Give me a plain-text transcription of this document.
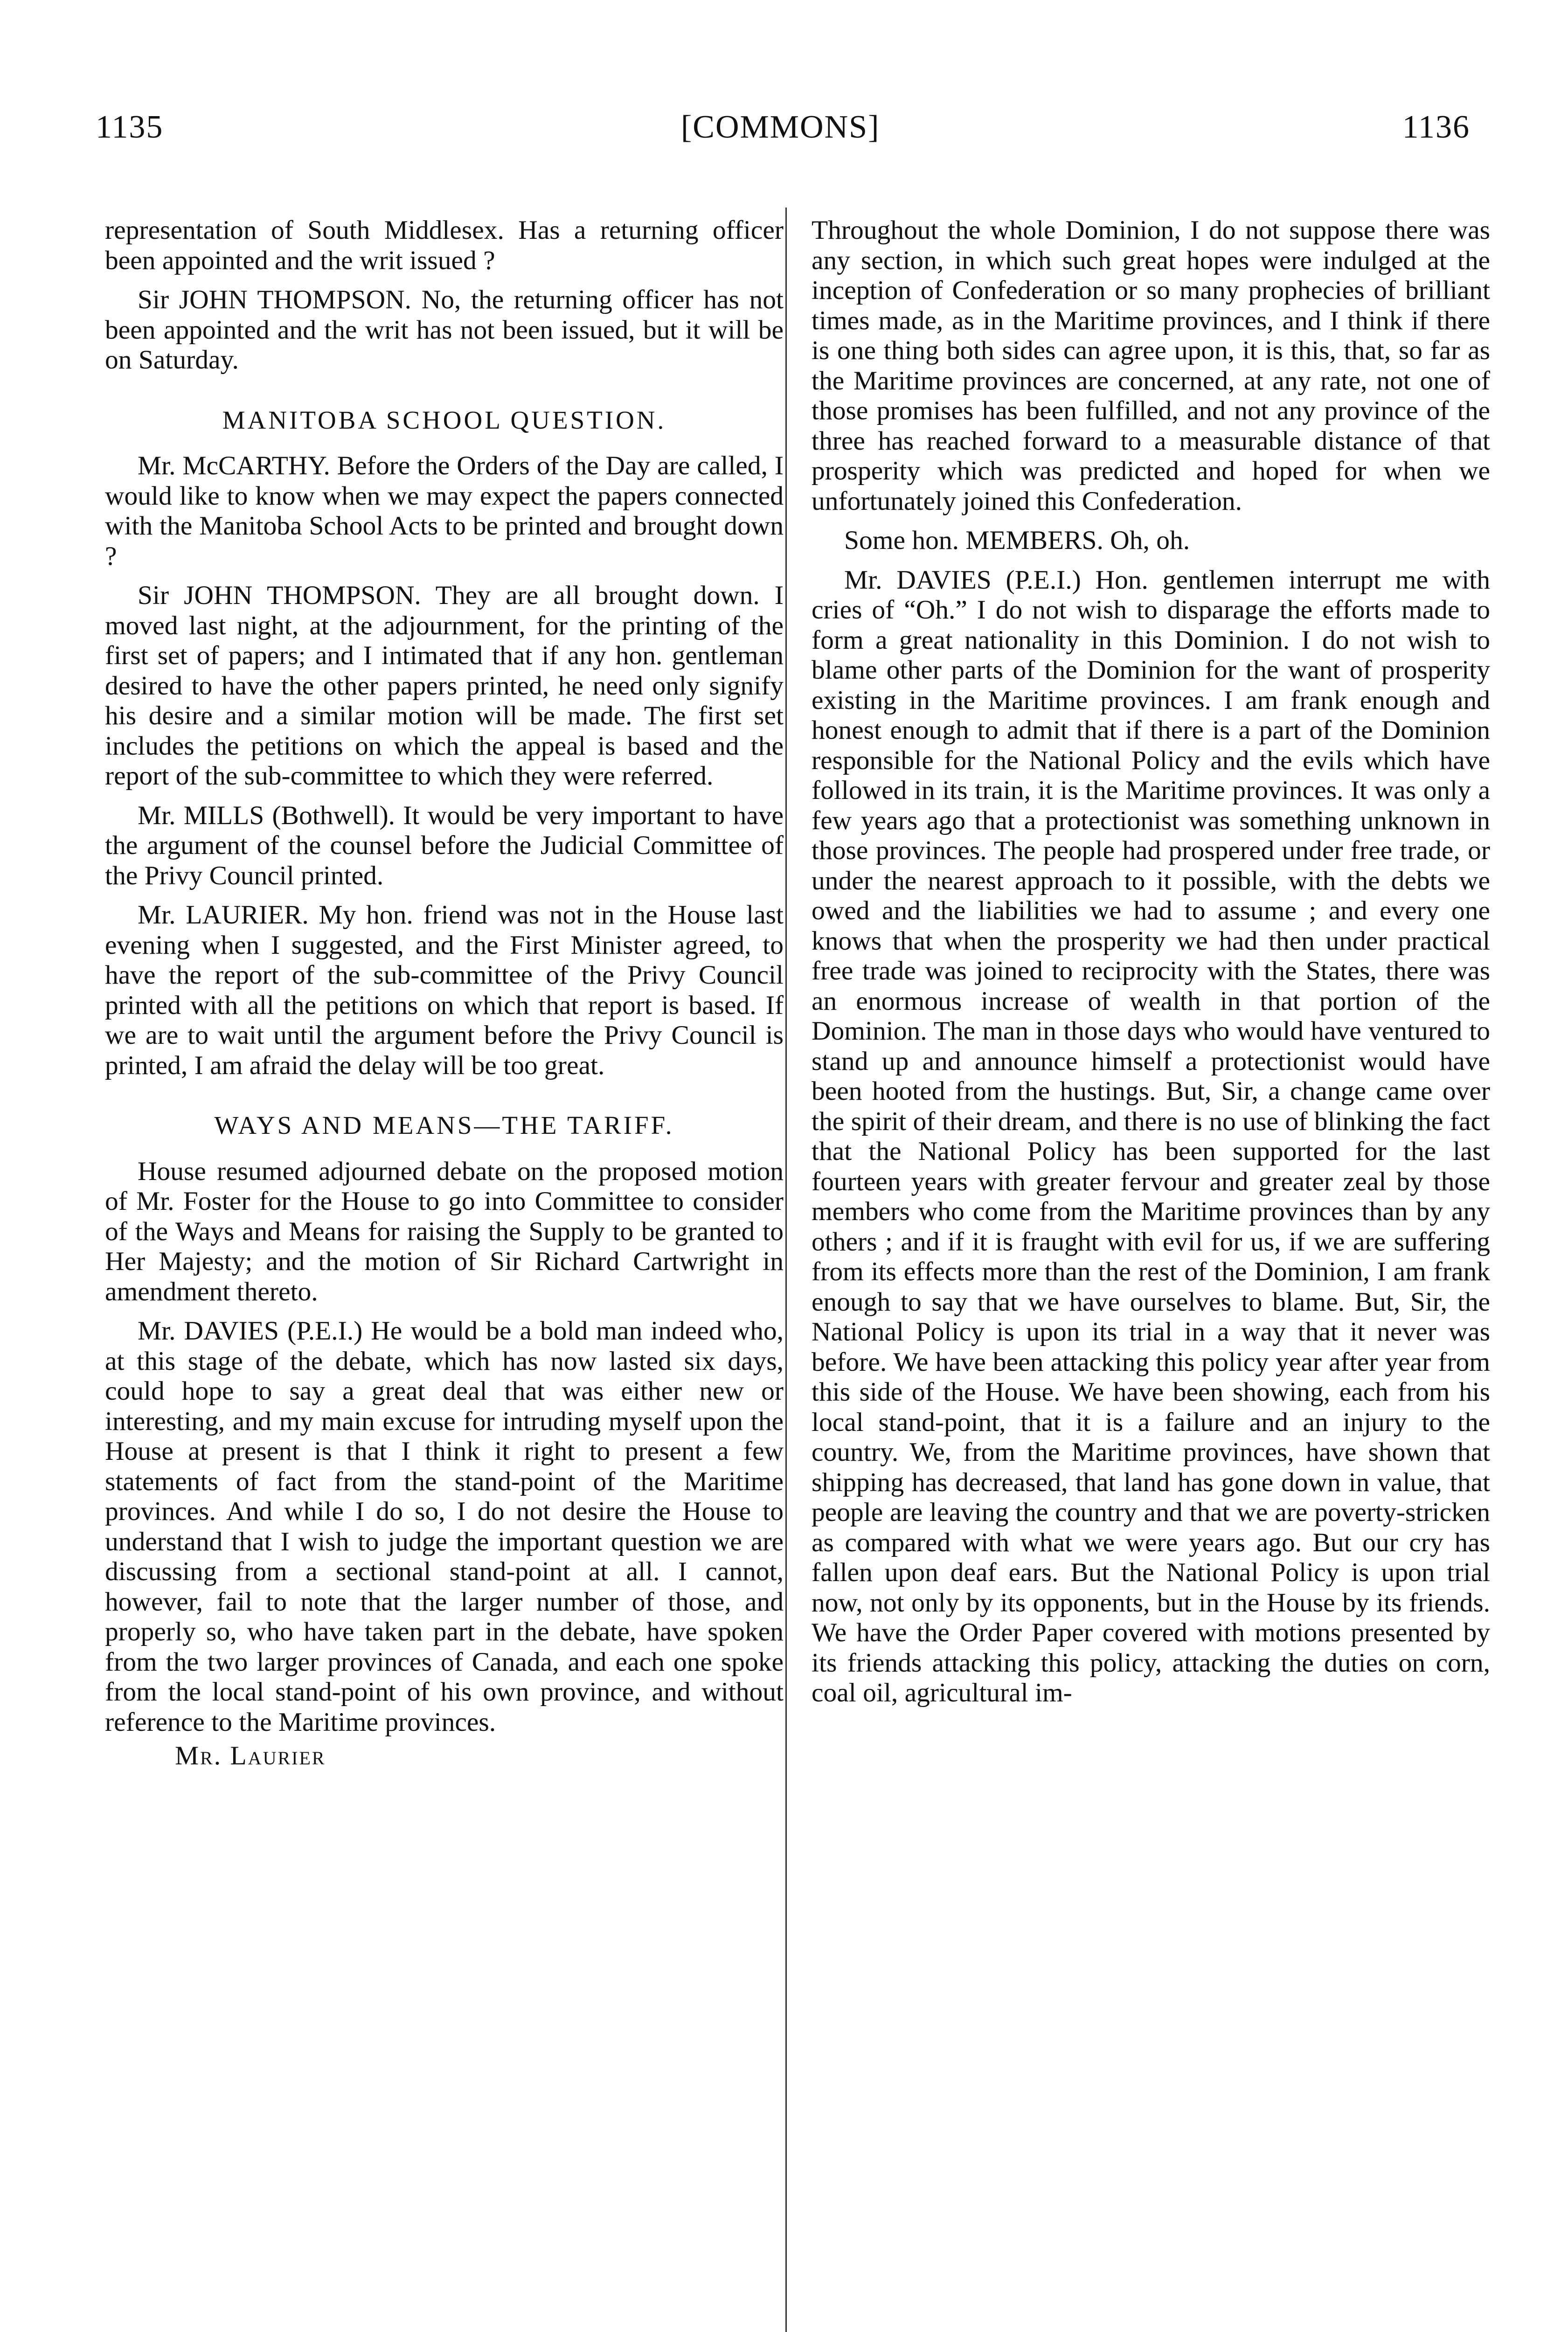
1135	[COMMONS]	1136

representation of South Middlesex. Has a returning officer been appointed and the writ issued ?

Sir JOHN THOMPSON. No, the returning officer has not been appointed and the writ has not been issued, but it will be on Saturday.

MANITOBA SCHOOL QUESTION.

Mr. McCARTHY. Before the Orders of the Day are called, I would like to know when we may expect the papers connected with the Manitoba School Acts to be printed and brought down ?

Sir JOHN THOMPSON. They are all brought down. I moved last night, at the adjournment, for the printing of the first set of papers; and I intimated that if any hon. gentleman desired to have the other papers printed, he need only signify his desire and a similar motion will be made. The first set includes the petitions on which the appeal is based and the report of the sub-committee to which they were referred.

Mr. MILLS (Bothwell). It would be very important to have the argument of the counsel before the Judicial Committee of the Privy Council printed.

Mr. LAURIER. My hon. friend was not in the House last evening when I suggested, and the First Minister agreed, to have the report of the sub-committee of the Privy Council printed with all the petitions on which that report is based. If we are to wait until the argument before the Privy Council is printed, I am afraid the delay will be too great.

WAYS AND MEANS—THE TARIFF.

House resumed adjourned debate on the proposed motion of Mr. Foster for the House to go into Committee to consider of the Ways and Means for raising the Supply to be granted to Her Majesty; and the motion of Sir Richard Cartwright in amendment thereto.

Mr. DAVIES (P.E.I.) He would be a bold man indeed who, at this stage of the debate, which has now lasted six days, could hope to say a great deal that was either new or interesting, and my main excuse for intruding myself upon the House at present is that I think it right to present a few statements of fact from the stand-point of the Maritime provinces. And while I do so, I do not desire the House to understand that I wish to judge the important question we are discussing from a sectional stand-point at all. I cannot, however, fail to note that the larger number of those, and properly so, who have taken part in the debate, have spoken from the two larger provinces of Canada, and each one spoke from the local stand-point of his own province, and without reference to the Maritime provinces.

Mr. Laurier

Throughout the whole Dominion, I do not suppose there was any section, in which such great hopes were indulged at the inception of Confederation or so many prophecies of brilliant times made, as in the Maritime provinces, and I think if there is one thing both sides can agree upon, it is this, that, so far as the Maritime provinces are concerned, at any rate, not one of those promises has been fulfilled, and not any province of the three has reached forward to a measurable distance of that prosperity which was predicted and hoped for when we unfortunately joined this Confederation.

Some hon. MEMBERS. Oh, oh.

Mr. DAVIES (P.E.I.) Hon. gentlemen interrupt me with cries of “Oh.” I do not wish to disparage the efforts made to form a great nationality in this Dominion. I do not wish to blame other parts of the Dominion for the want of prosperity existing in the Maritime provinces. I am frank enough and honest enough to admit that if there is a part of the Dominion responsible for the National Policy and the evils which have followed in its train, it is the Maritime provinces. It was only a few years ago that a protectionist was something unknown in those provinces. The people had prospered under free trade, or under the nearest approach to it possible, with the debts we owed and the liabilities we had to assume ; and every one knows that when the prosperity we had then under practical free trade was joined to reciprocity with the States, there was an enormous increase of wealth in that portion of the Dominion. The man in those days who would have ventured to stand up and announce himself a protectionist would have been hooted from the hustings. But, Sir, a change came over the spirit of their dream, and there is no use of blinking the fact that the National Policy has been supported for the last fourteen years with greater fervour and greater zeal by those members who come from the Maritime provinces than by any others ; and if it is fraught with evil for us, if we are suffering from its effects more than the rest of the Dominion, I am frank enough to say that we have ourselves to blame. But, Sir, the National Policy is upon its trial in a way that it never was before. We have been attacking this policy year after year from this side of the House. We have been showing, each from his local stand-point, that it is a failure and an injury to the country. We, from the Maritime provinces, have shown that shipping has decreased, that land has gone down in value, that people are leaving the country and that we are poverty-stricken as compared with what we were years ago. But our cry has fallen upon deaf ears. But the National Policy is upon trial now, not only by its opponents, but in the House by its friends. We have the Order Paper covered with motions presented by its friends attacking this policy, attacking the duties on corn, coal oil, agricultural im-
